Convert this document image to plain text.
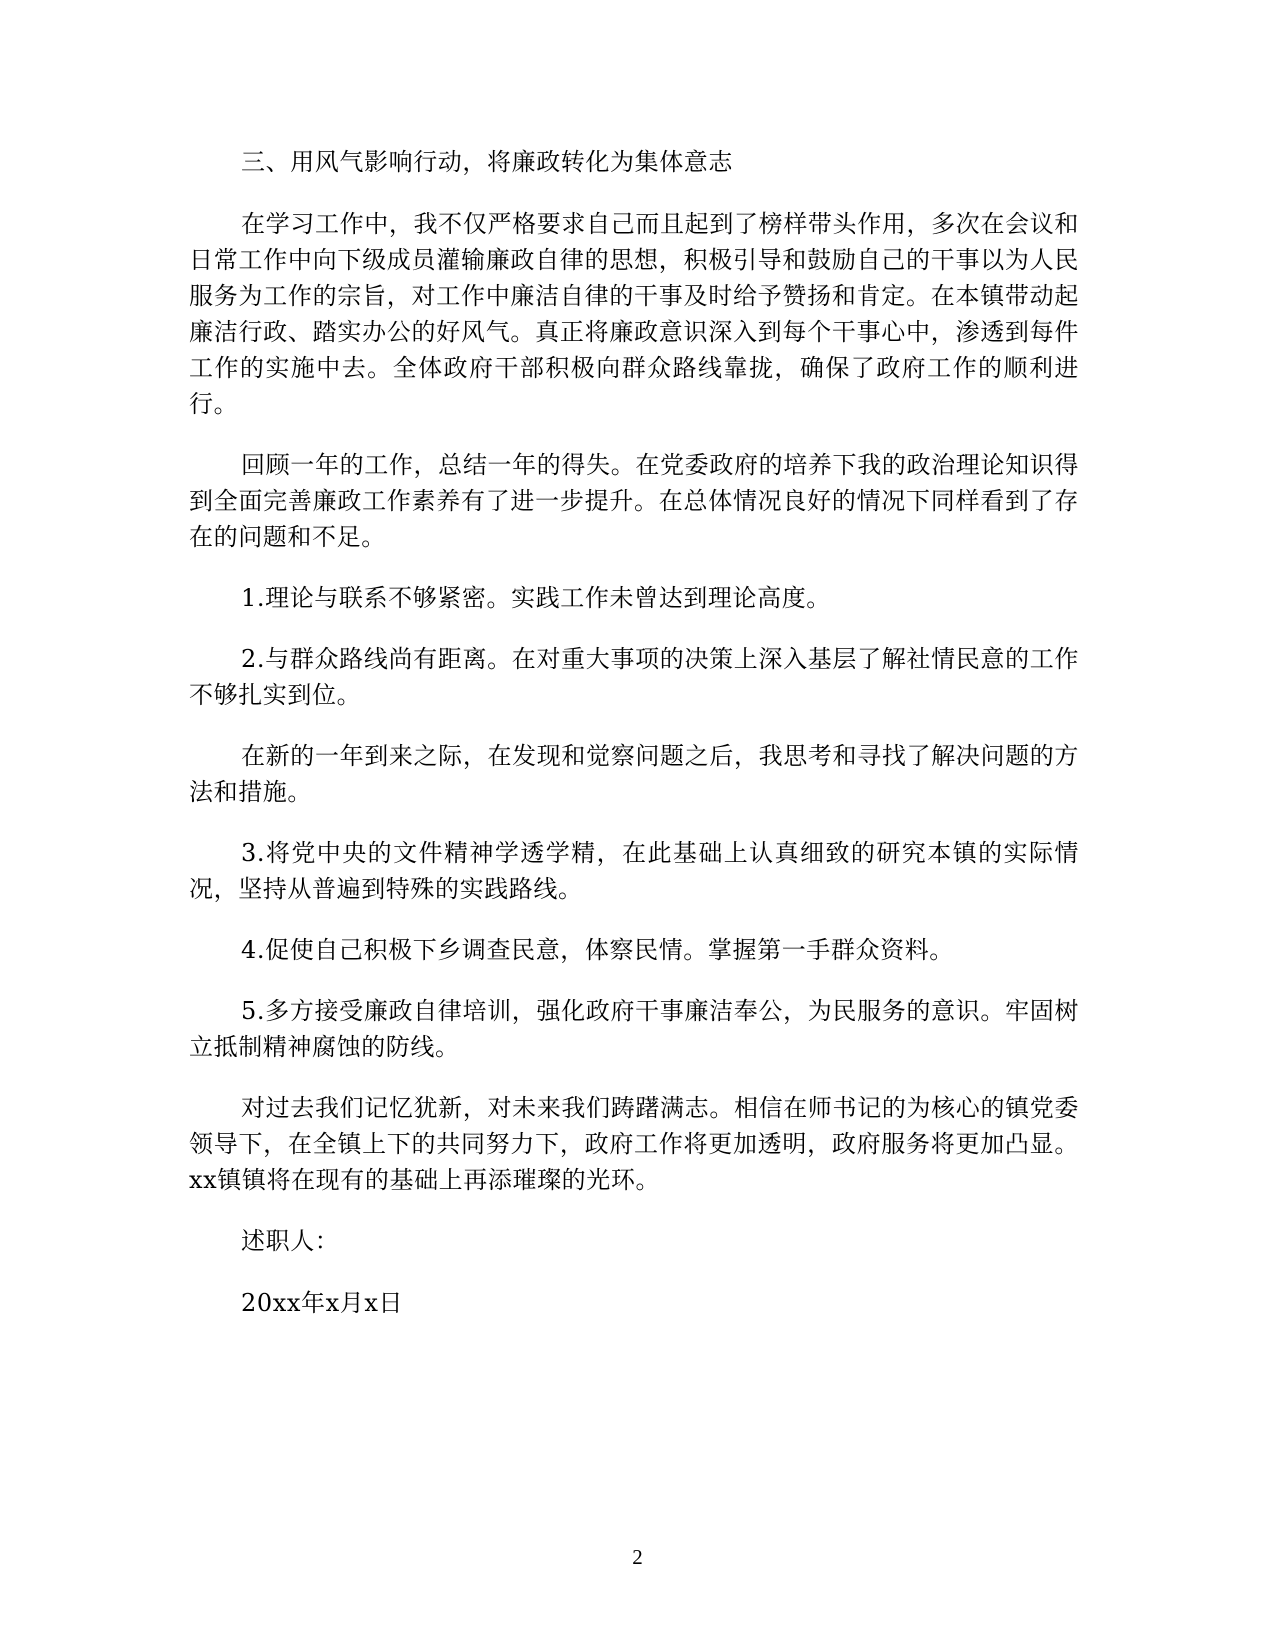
三、用风气影响行动，将廉政转化为集体意志

在学习工作中，我不仅严格要求自己而且起到了榜样带头作用，多次在会议和日常工作中向下级成员灌输廉政自律的思想，积极引导和鼓励自己的干事以为人民服务为工作的宗旨，对工作中廉洁自律的干事及时给予赞扬和肯定。在本镇带动起廉洁行政、踏实办公的好风气。真正将廉政意识深入到每个干事心中，渗透到每件工作的实施中去。全体政府干部积极向群众路线靠拢，确保了政府工作的顺利进行。

回顾一年的工作，总结一年的得失。在党委政府的培养下我的政治理论知识得到全面完善廉政工作素养有了进一步提升。在总体情况良好的情况下同样看到了存在的问题和不足。

1.理论与联系不够紧密。实践工作未曾达到理论高度。

2.与群众路线尚有距离。在对重大事项的决策上深入基层了解社情民意的工作不够扎实到位。

在新的一年到来之际，在发现和觉察问题之后，我思考和寻找了解决问题的方法和措施。

3.将党中央的文件精神学透学精，在此基础上认真细致的研究本镇的实际情况，坚持从普遍到特殊的实践路线。

4.促使自己积极下乡调查民意，体察民情。掌握第一手群众资料。

5.多方接受廉政自律培训，强化政府干事廉洁奉公，为民服务的意识。牢固树立抵制精神腐蚀的防线。

对过去我们记忆犹新，对未来我们踌躇满志。相信在师书记的为核心的镇党委领导下，在全镇上下的共同努力下，政府工作将更加透明，政府服务将更加凸显。xx镇镇将在现有的基础上再添璀璨的光环。

述职人：

20xx年x月x日

2
